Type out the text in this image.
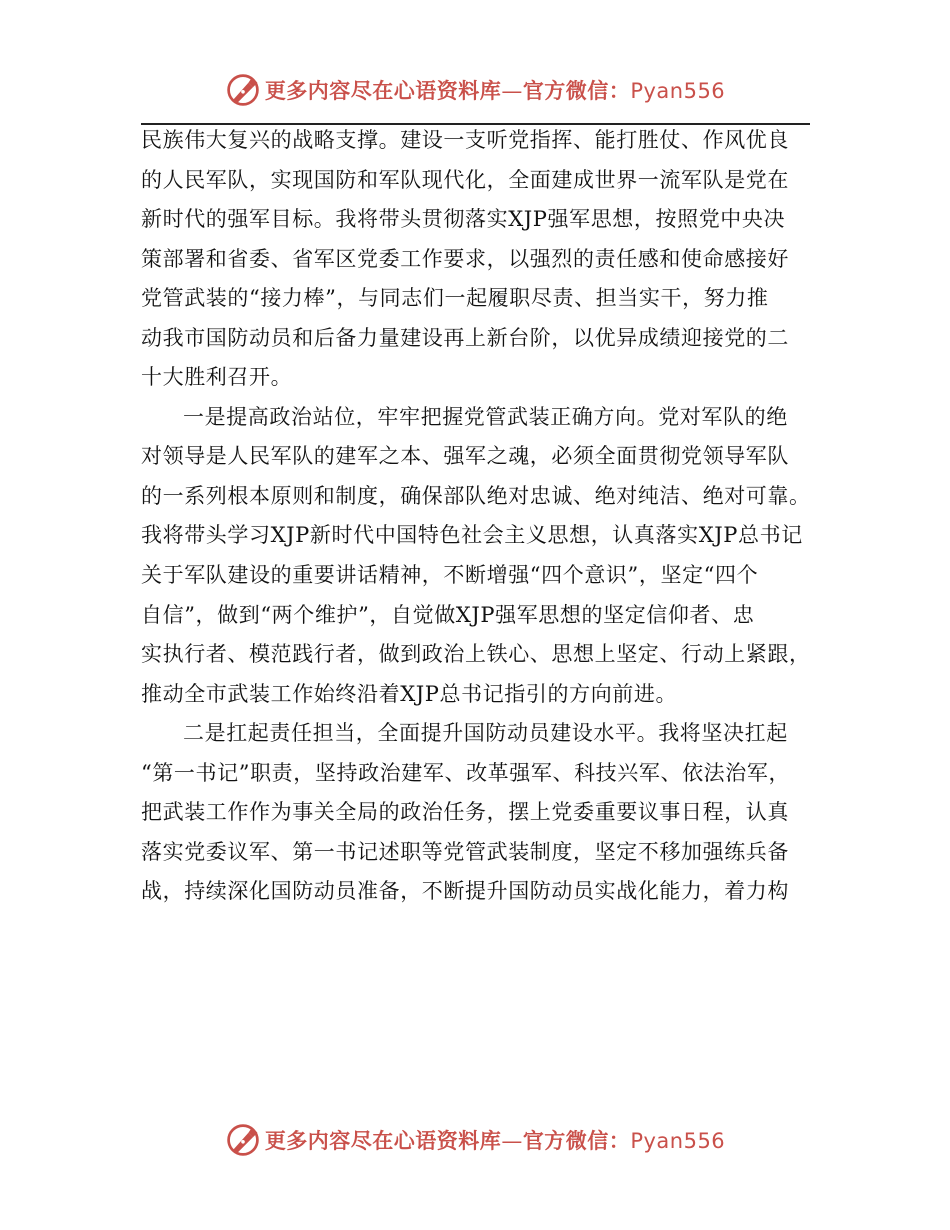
更多内容尽在心语资料库—官方微信：Pyan556
民族伟大复兴的战略支撑。建设一支听党指挥、能打胜仗、作风优良
的人民军队，实现国防和军队现代化，全面建成世界一流军队是党在
新时代的强军目标。我将带头贯彻落实XJP强军思想，按照党中央决
策部署和省委、省军区党委工作要求，以强烈的责任感和使命感接好
党管武装的“接力棒”，与同志们一起履职尽责、担当实干，努力推
动我市国防动员和后备力量建设再上新台阶，以优异成绩迎接党的二
十大胜利召开。
一是提高政治站位，牢牢把握党管武装正确方向。党对军队的绝
对领导是人民军队的建军之本、强军之魂，必须全面贯彻党领导军队
的一系列根本原则和制度，确保部队绝对忠诚、绝对纯洁、绝对可靠。
我将带头学习XJP新时代中国特色社会主义思想，认真落实XJP总书记
关于军队建设的重要讲话精神，不断增强“四个意识”，坚定“四个
自信”，做到“两个维护”，自觉做XJP强军思想的坚定信仰者、忠
实执行者、模范践行者，做到政治上铁心、思想上坚定、行动上紧跟，
推动全市武装工作始终沿着XJP总书记指引的方向前进。
二是扛起责任担当，全面提升国防动员建设水平。我将坚决扛起
“第一书记”职责，坚持政治建军、改革强军、科技兴军、依法治军，
把武装工作作为事关全局的政治任务，摆上党委重要议事日程，认真
落实党委议军、第一书记述职等党管武装制度，坚定不移加强练兵备
战，持续深化国防动员准备，不断提升国防动员实战化能力，着力构
更多内容尽在心语资料库—官方微信：Pyan556
